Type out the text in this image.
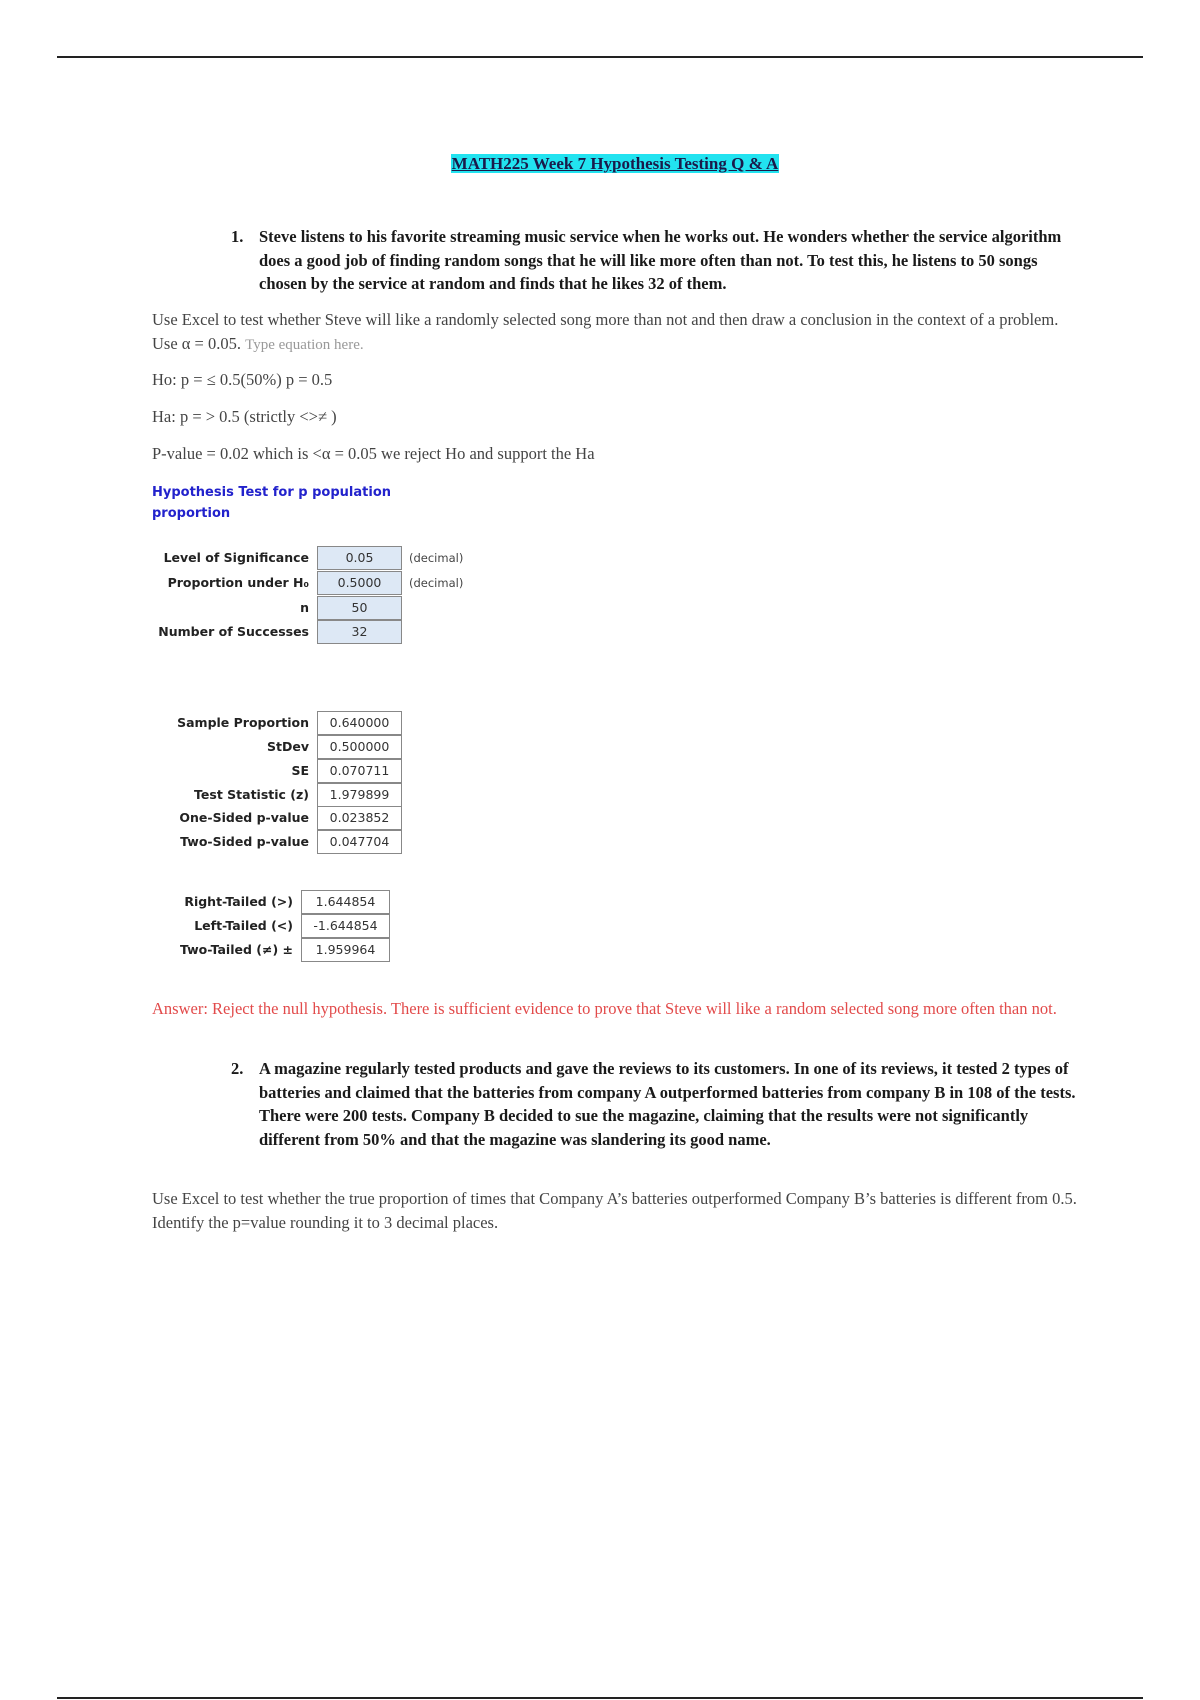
MATH225 Week 7 Hypothesis Testing Q & A
1. Steve listens to his favorite streaming music service when he works out. He wonders whether the service algorithm does a good job of finding random songs that he will like more often than not. To test this, he listens to 50 songs chosen by the service at random and finds that he likes 32 of them.
Use Excel to test whether Steve will like a randomly selected song more than not and then draw a conclusion in the context of a problem. Use α = 0.05. Type equation here.
Ho: p = ≤ 0.5(50%) p = 0.5
Ha: p = > 0.5 (strictly <>≠ )
P-value = 0.02 which is <α = 0.05 we reject Ho and support the Ha
Hypothesis Test for p population proportion
Level of Significance	0.05	(decimal)
Proportion under H₀	0.5000	(decimal)
n	50
Number of Successes	32
Sample Proportion	0.640000
StDev	0.500000
SE	0.070711
Test Statistic (z)	1.979899
One-Sided p-value	0.023852
Two-Sided p-value	0.047704
Right-Tailed (>)	1.644854
Left-Tailed (<)	-1.644854
Two-Tailed (≠) ±	1.959964
Answer: Reject the null hypothesis. There is sufficient evidence to prove that Steve will like a random selected song more often than not.
2. A magazine regularly tested products and gave the reviews to its customers. In one of its reviews, it tested 2 types of batteries and claimed that the batteries from company A outperformed batteries from company B in 108 of the tests. There were 200 tests. Company B decided to sue the magazine, claiming that the results were not significantly different from 50% and that the magazine was slandering its good name.
Use Excel to test whether the true proportion of times that Company A’s batteries outperformed Company B’s batteries is different from 0.5. Identify the p=value rounding it to 3 decimal places.
